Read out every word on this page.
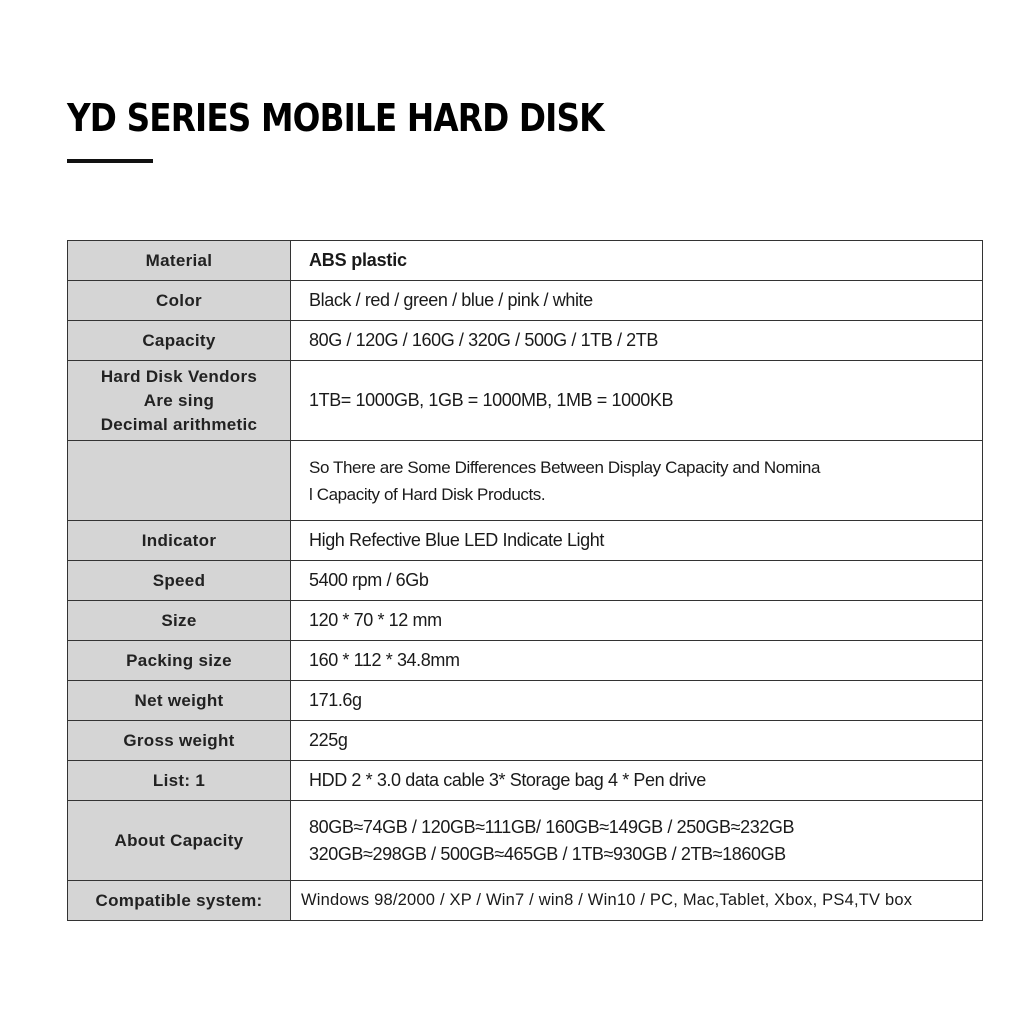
YD SERIES MOBILE HARD DISK
Material	ABS plastic
Color	Black / red / green / blue / pink / white
Capacity	80G / 120G / 160G / 320G / 500G / 1TB / 2TB

Hard Disk Vendors
Are sing
Decimal arithmetic	1TB= 1000GB, 1GB = 1000MB, 1MB = 1000KB

	So There are Some Differences Between Display Capacity and Nomina
l Capacity of Hard Disk Products.

Indicator	High Refective Blue LED Indicate Light
Speed	5400 rpm / 6Gb
Size	120 * 70 * 12 mm
Packing size	160 * 112 * 34.8mm
Net weight	171.6g
Gross weight	225g
List: 1	HDD 2 * 3.0 data cable 3* Storage bag 4 * Pen drive
About Capacity	80GB≈74GB / 120GB≈111GB/ 160GB≈149GB / 250GB≈232GB
320GB≈298GB / 500GB≈465GB / 1TB≈930GB / 2TB≈1860GB

Compatible system:	Windows 98/2000 / XP / Win7 / win8 / Win10 / PC, Mac,Tablet, Xbox, PS4,TV box
